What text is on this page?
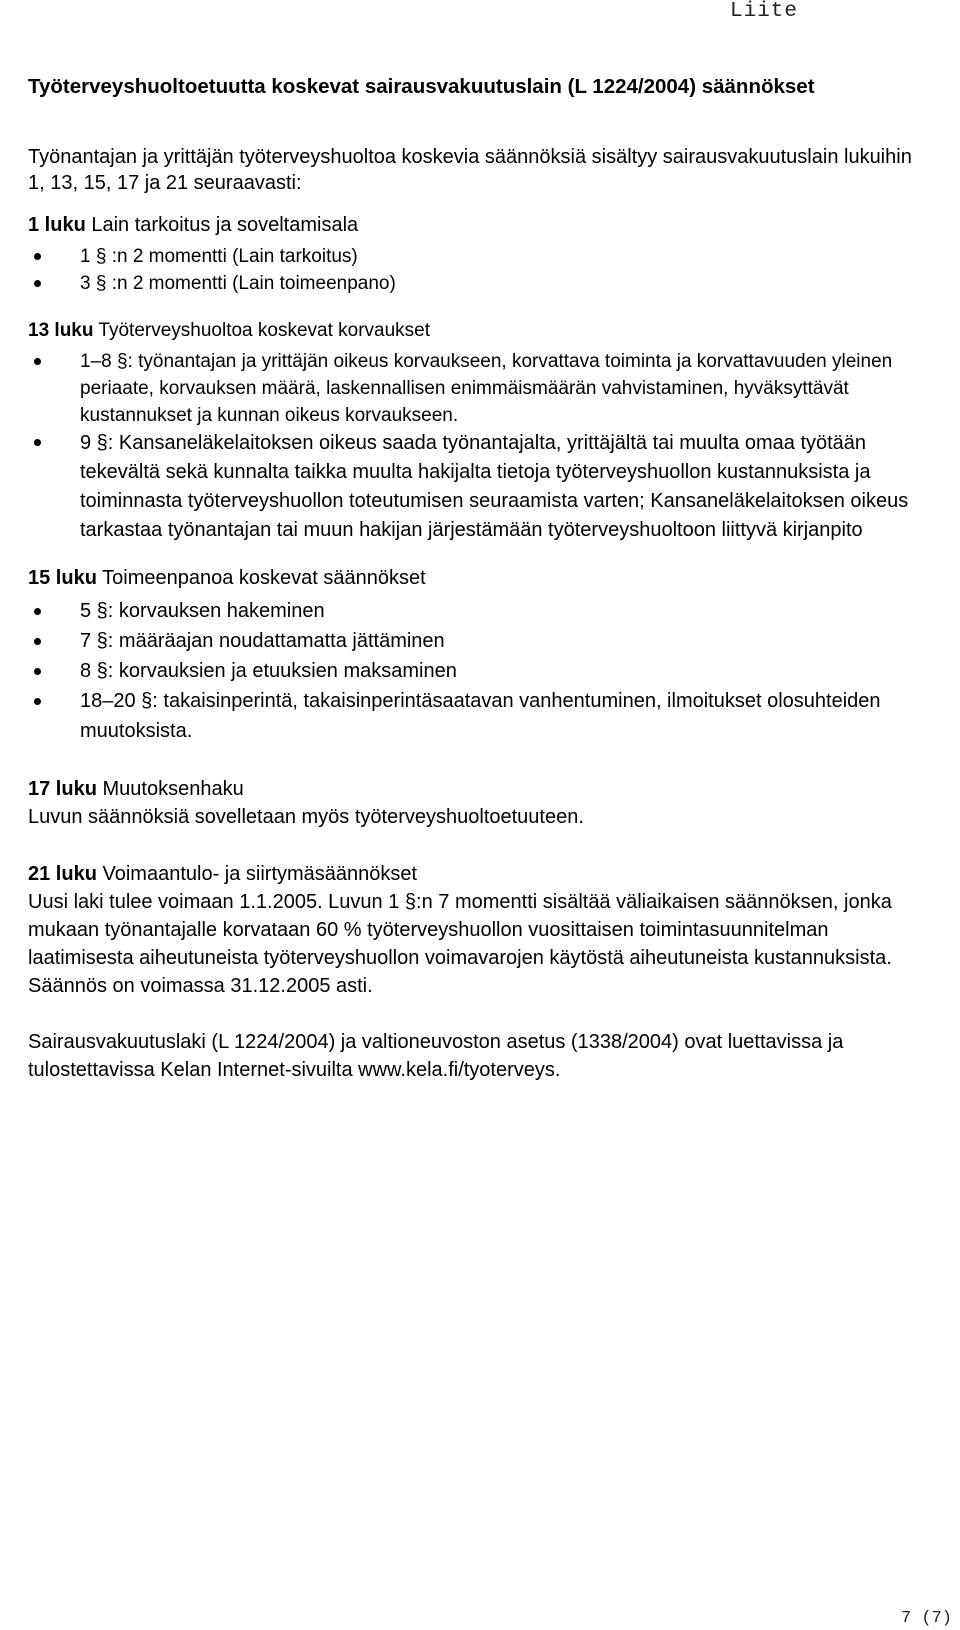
Liite
Työterveyshuoltoetuutta koskevat sairausvakuutuslain (L 1224/2004) säännökset

Työnantajan ja yrittäjän työterveyshuoltoa koskevia säännöksiä sisältyy sairausvakuutuslain lukuihin 1, 13, 15, 17 ja 21 seuraavasti:

1 luku Lain tarkoitus ja soveltamisala

1 § :n 2 momentti (Lain tarkoitus)
3 § :n 2 momentti (Lain toimeenpano)

13 luku Työterveyshuoltoa koskevat korvaukset

1–8 §: työnantajan ja yrittäjän oikeus korvaukseen, korvattava toiminta ja korvattavuuden yleinen periaate, korvauksen määrä, laskennallisen enimmäismäärän vahvistaminen, hyväksyttävät kustannukset ja kunnan oikeus korvaukseen.
9 §: Kansaneläkelaitoksen oikeus saada työnantajalta, yrittäjältä tai muulta omaa työtään tekevältä sekä kunnalta taikka muulta hakijalta tietoja työterveyshuollon kustannuksista ja toiminnasta työterveyshuollon toteutumisen seuraamista varten; Kansaneläkelaitoksen oikeus tarkastaa työnantajan tai muun hakijan järjestämään työterveyshuoltoon liittyvä kirjanpito

15 luku Toimeenpanoa koskevat säännökset

5 §: korvauksen hakeminen
7 §: määräajan noudattamatta jättäminen
8 §: korvauksien ja etuuksien maksaminen
18–20 §: takaisinperintä, takaisinperintäsaatavan vanhentuminen, ilmoitukset olosuhteiden muutoksista.

17 luku Muutoksenhaku

Luvun säännöksiä sovelletaan myös työterveyshuoltoetuuteen.

21 luku Voimaantulo- ja siirtymäsäännökset

Uusi laki tulee voimaan 1.1.2005. Luvun 1 §:n 7 momentti sisältää väliaikaisen säännöksen, jonka mukaan työnantajalle korvataan 60 % työterveyshuollon vuosittaisen toimintasuunnitelman laatimisesta aiheutuneista työterveyshuollon voimavarojen käytöstä aiheutuneista kustannuksista. Säännös on voimassa 31.12.2005 asti.

Sairausvakuutuslaki (L 1224/2004) ja valtioneuvoston asetus (1338/2004) ovat luettavissa ja tulostettavissa Kelan Internet-sivuilta www.kela.fi/tyoterveys.

7 (7)
